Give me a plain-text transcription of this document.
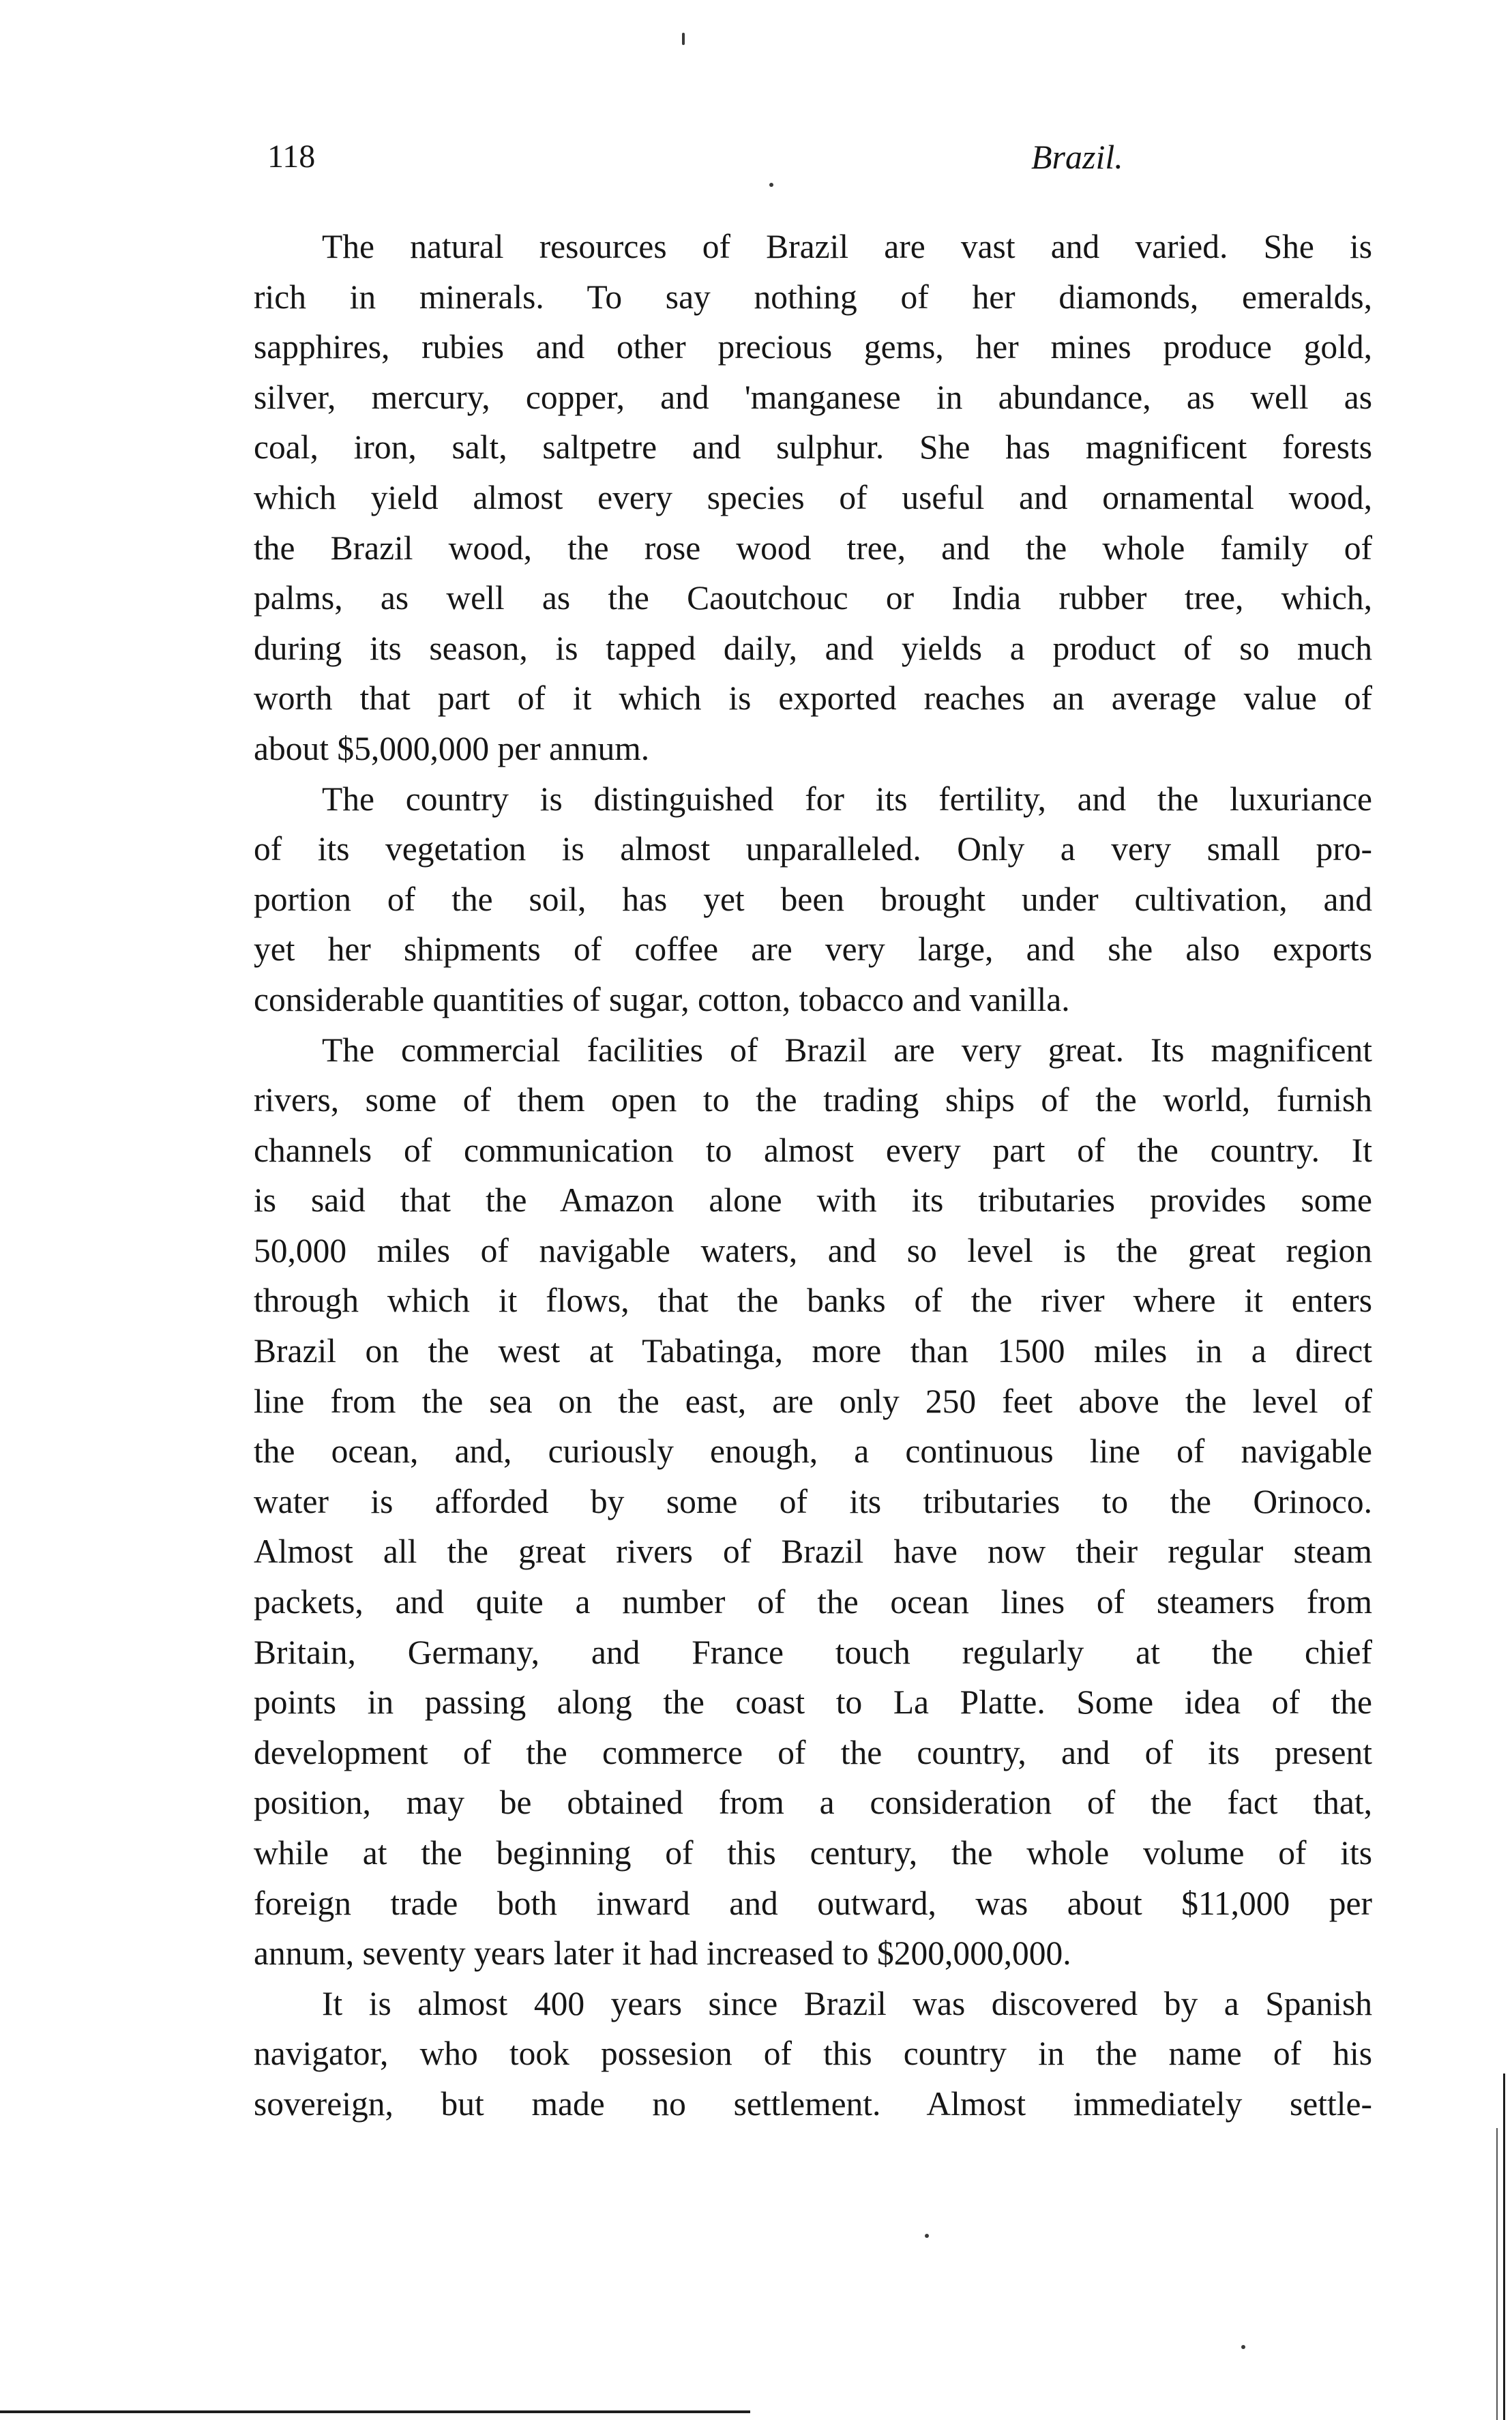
118	Brazil.
The natural resources of Brazil are vast and varied. She is
rich in minerals. To say nothing of her diamonds, emeralds,
sapphires, rubies and other precious gems, her mines produce gold,
silver, mercury, copper, and 'manganese in abundance, as well as
coal, iron, salt, saltpetre and sulphur. She has magnificent forests
which yield almost every species of useful and ornamental wood,
the Brazil wood, the rose wood tree, and the whole family of
palms, as well as the Caoutchouc or India rubber tree, which,
during its season, is tapped daily, and yields a product of so much
worth that part of it which is exported reaches an average value of
about $5,000,000 per annum.
The country is distinguished for its fertility, and the luxuriance
of its vegetation is almost unparalleled. Only a very small pro-
portion of the soil, has yet been brought under cultivation, and
yet her shipments of coffee are very large, and she also exports
considerable quantities of sugar, cotton, tobacco and vanilla.
The commercial facilities of Brazil are very great. Its magnificent
rivers, some of them open to the trading ships of the world, furnish
channels of communication to almost every part of the country. It
is said that the Amazon alone with its tributaries provides some
50,000 miles of navigable waters, and so level is the great region
through which it flows, that the banks of the river where it enters
Brazil on the west at Tabatinga, more than 1500 miles in a direct
line from the sea on the east, are only 250 feet above the level of
the ocean, and, curiously enough, a continuous line of navigable
water is afforded by some of its tributaries to the Orinoco.
Almost all the great rivers of Brazil have now their regular steam
packets, and quite a number of the ocean lines of steamers from
Britain, Germany, and France touch regularly at the chief
points in passing along the coast to La Platte. Some idea of the
development of the commerce of the country, and of its present
position, may be obtained from a consideration of the fact that,
while at the beginning of this century, the whole volume of its
foreign trade both inward and outward, was about $11,000 per
annum, seventy years later it had increased to $200,000,000.
It is almost 400 years since Brazil was discovered by a Spanish
navigator, who took possesion of this country in the name of his
sovereign, but made no settlement. Almost immediately settle-
